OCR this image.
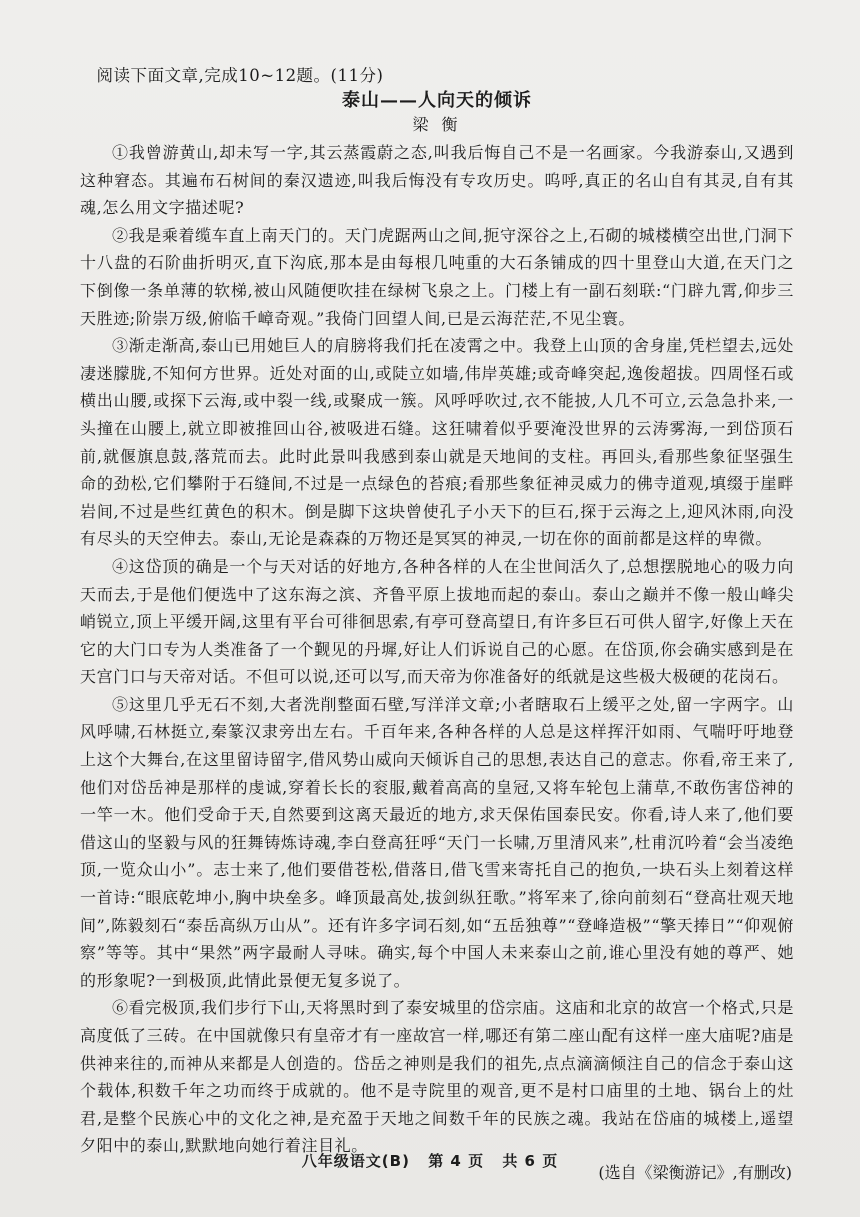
阅读下面文章,完成10~12题。(11分)

泰山——人向天的倾诉

梁 衡

①我曾游黄山,却未写一字,其云蒸霞蔚之态,叫我后悔自己不是一名画家。今我游泰山,又遇到这种窘态。其遍布石树间的秦汉遗迹,叫我后悔没有专攻历史。呜呼,真正的名山自有其灵,自有其魂,怎么用文字描述呢?

②我是乘着缆车直上南天门的。天门虎踞两山之间,扼守深谷之上,石砌的城楼横空出世,门洞下十八盘的石阶曲折明灭,直下沟底,那本是由每根几吨重的大石条铺成的四十里登山大道,在天门之下倒像一条单薄的软梯,被山风随便吹挂在绿树飞泉之上。门楼上有一副石刻联:“门辟九霄,仰步三天胜迹;阶崇万级,俯临千嶂奇观。”我倚门回望人间,已是云海茫茫,不见尘寰。

③渐走渐高,泰山已用她巨人的肩膀将我们托在凌霄之中。我登上山顶的舍身崖,凭栏望去,远处凄迷朦胧,不知何方世界。近处对面的山,或陡立如墙,伟岸英雄;或奇峰突起,逸俊超拔。四周怪石或横出山腰,或探下云海,或中裂一线,或聚成一簇。风呼呼吹过,衣不能披,人几不可立,云急急扑来,一头撞在山腰上,就立即被推回山谷,被吸进石缝。这狂啸着似乎要淹没世界的云涛雾海,一到岱顶石前,就偃旗息鼓,落荒而去。此时此景叫我感到泰山就是天地间的支柱。再回头,看那些象征坚强生命的劲松,它们攀附于石缝间,不过是一点绿色的苔痕;看那些象征神灵威力的佛寺道观,填缀于崖畔岩间,不过是些红黄色的积木。倒是脚下这块曾使孔子小天下的巨石,探于云海之上,迎风沐雨,向没有尽头的天空伸去。泰山,无论是森森的万物还是冥冥的神灵,一切在你的面前都是这样的卑微。

④这岱顶的确是一个与天对话的好地方,各种各样的人在尘世间活久了,总想摆脱地心的吸力向天而去,于是他们便选中了这东海之滨、齐鲁平原上拔地而起的泰山。泰山之巅并不像一般山峰尖峭锐立,顶上平缓开阔,这里有平台可徘徊思索,有亭可登高望日,有许多巨石可供人留字,好像上天在它的大门口专为人类准备了一个觐见的丹墀,好让人们诉说自己的心愿。在岱顶,你会确实感到是在天宫门口与天帝对话。不但可以说,还可以写,而天帝为你准备好的纸就是这些极大极硬的花岗石。

⑤这里几乎无石不刻,大者洗削整面石壁,写洋洋文章;小者瞎取石上缓平之处,留一字两字。山风呼啸,石林挺立,秦篆汉隶旁出左右。千百年来,各种各样的人总是这样挥汗如雨、气喘吁吁地登上这个大舞台,在这里留诗留字,借风势山威向天倾诉自己的思想,表达自己的意志。你看,帝王来了,他们对岱岳神是那样的虔诚,穿着长长的衮服,戴着高高的皇冠,又将车轮包上蒲草,不敢伤害岱神的一竿一木。他们受命于天,自然要到这离天最近的地方,求天保佑国泰民安。你看,诗人来了,他们要借这山的坚毅与风的狂舞铸炼诗魂,李白登高狂呼“天门一长啸,万里清风来”,杜甫沉吟着“会当凌绝顶,一览众山小”。志士来了,他们要借苍松,借落日,借飞雪来寄托自己的抱负,一块石头上刻着这样一首诗:“眼底乾坤小,胸中块垒多。峰顶最高处,拔剑纵狂歌。”将军来了,徐向前刻石“登高壮观天地间”,陈毅刻石“泰岳高纵万山从”。还有许多字词石刻,如“五岳独尊”“登峰造极”“擎天捧日”“仰观俯察”等等。其中“果然”两字最耐人寻味。确实,每个中国人未来泰山之前,谁心里没有她的尊严、她的形象呢?一到极顶,此情此景便无复多说了。

⑥看完极顶,我们步行下山,天将黑时到了泰安城里的岱宗庙。这庙和北京的故宫一个格式,只是高度低了三砖。在中国就像只有皇帝才有一座故宫一样,哪还有第二座山配有这样一座大庙呢?庙是供神来往的,而神从来都是人创造的。岱岳之神则是我们的祖先,点点滴滴倾注自己的信念于泰山这个载体,积数千年之功而终于成就的。他不是寺院里的观音,更不是村口庙里的土地、锅台上的灶君,是整个民族心中的文化之神,是充盈于天地之间数千年的民族之魂。我站在岱庙的城楼上,遥望夕阳中的泰山,默默地向她行着注目礼。

(选自《梁衡游记》,有删改)

八年级语文(B) 第 4 页 共 6 页
